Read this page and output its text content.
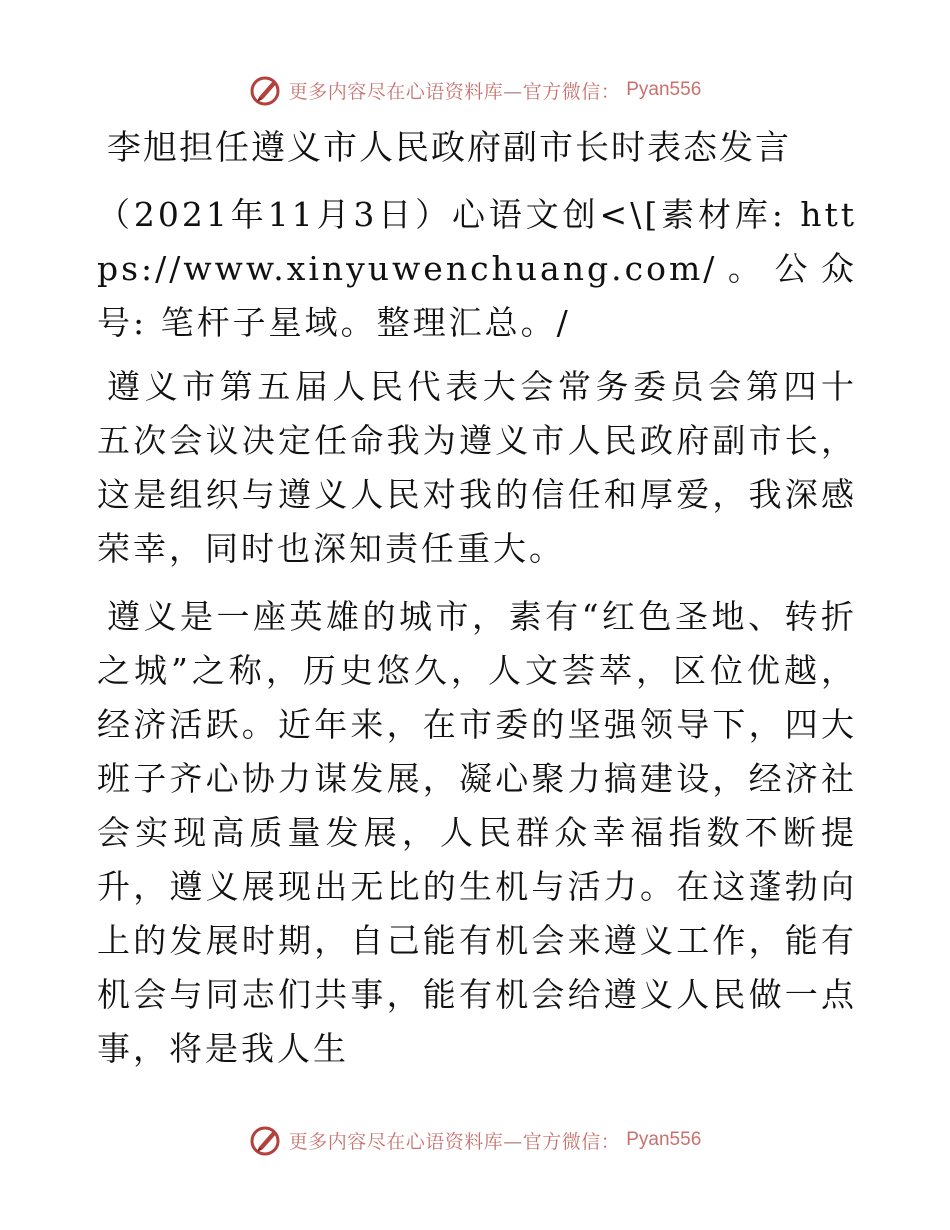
更多内容尽在心语资料库—官方微信： Pyan556
李旭担任遵义市人民政府副市长时表态发言
（2021年11月3日）心语文创<\[素材库: https://www.xinyuwenchuang.com/。公众号: 笔杆子星域。整理汇总。/
遵义市第五届人民代表大会常务委员会第四十五次会议决定任命我为遵义市人民政府副市长，这是组织与遵义人民对我的信任和厚爱，我深感荣幸，同时也深知责任重大。
遵义是一座英雄的城市，素有“红色圣地、转折之城”之称，历史悠久，人文荟萃，区位优越，经济活跃。近年来，在市委的坚强领导下，四大班子齐心协力谋发展，凝心聚力搞建设，经济社会实现高质量发展，人民群众幸福指数不断提升，遵义展现出无比的生机与活力。在这蓬勃向上的发展时期，自己能有机会来遵义工作，能有机会与同志们共事，能有机会给遵义人民做一点事，将是我人生
更多内容尽在心语资料库—官方微信： Pyan556
